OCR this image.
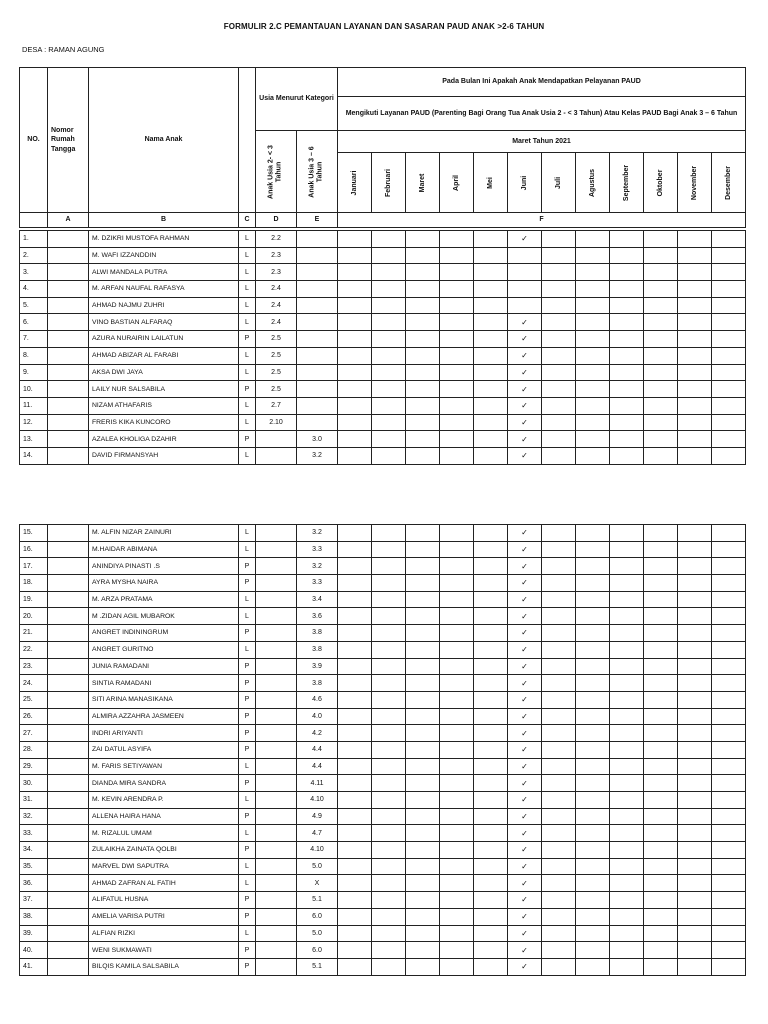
FORMULIR 2.C PEMANTAUAN LAYANAN DAN SASARAN PAUD ANAK >2-6 TAHUN
DESA : RAMAN AGUNG
NO.	Nomor Rumah Tangga	Nama Anak		Usia Menurut Kategori		Pada Bulan Ini Apakah Anak Mendapatkan Pelayanan PAUD											
						Mengikuti Layanan PAUD (Parenting Bagi Orang Tua Anak Usia 2 - < 3 Tahun) Atau Kelas PAUD Bagi Anak 3 – 6 Tahun											

				Anak Usia 2- < 3 Tahun	Anak Usia 3 – 6 Tahun	Maret Tahun 2021											

						Januari	Februari	Maret	April	Mei	Juni	Juli	Agustus	September	Oktober	November	Desember

	A	B	C	D	E	F											
1.		M. DZIKRI MUSTOFA RAHMAN	L	2.2							✓						
2.		M. WAFI IZZANDDIN	L	2.3													
3.		ALWI MANDALA PUTRA	L	2.3													
4.		M. ARFAN NAUFAL RAFASYA	L	2.4													
5.		AHMAD NAJMU ZUHRI	L	2.4													
6.		VINO BASTIAN ALFARAQ	L	2.4							✓						
7.		AZURA NURAIRIN LAILATUN	P	2.5							✓						
8.		AHMAD ABIZAR AL FARABI	L	2.5							✓						
9.		AKSA DWI JAYA	L	2.5							✓						
10.		LAILY NUR SALSABILA	P	2.5							✓						
11.		NIZAM ATHAFARIS	L	2.7							✓						
12.		FRERIS KIKA KUNCORO	L	2.10							✓						
13.		AZALEA KHOLIGA DZAHIR	P		3.0						✓						
14.		DAVID FIRMANSYAH	L		3.2						✓						
15.		M. ALFIN NIZAR ZAINURI	L		3.2						✓						
16.		M.HAIDAR ABIMANA	L		3.3						✓						
17.		ANINDIYA PINASTI .S	P		3.2						✓						
18.		AYRA MYSHA NAIRA	P		3.3						✓						
19.		M. ARZA PRATAMA	L		3.4						✓						
20.		M .ZIDAN AGIL MUBAROK	L		3.6						✓						
21.		ANGRET INDININGRUM	P		3.8						✓						
22.		ANGRET GURITNO	L		3.8						✓						
23.		JUNIA RAMADANI	P		3.9						✓						
24.		SINTIA RAMADANI	P		3.8						✓						
25.		SITI ARINA MANASIKANA	P		4.6						✓						
26.		ALMIRA AZZAHRA JASMEEN	P		4.0						✓						
27.		INDRI ARIYANTI	P		4.2						✓						
28.		ZAI DATUL ASYIFA	P		4.4						✓						
29.		M. FARIS SETIYAWAN	L		4.4						✓						
30.		DIANDA MIRA SANDRA	P		4.11						✓						
31.		M. KEVIN ARENDRA P.	L		4.10						✓						
32.		ALLENA HAIRA HANA	P		4.9						✓						
33.		M. RIZALUL UMAM	L		4.7						✓						
34.		ZULAIKHA ZAINATA QOLBI	P		4.10						✓						
35.		MARVEL DWI SAPUTRA	L		5.0						✓						
36.		AHMAD ZAFRAN AL FATIH	L		X						✓						
37.		ALIFATUL HUSNA	P		5.1						✓						
38.		AMELIA VARISA PUTRI	P		6.0						✓						
39.		ALFIAN RIZKI	L		5.0						✓						
40.		WENI SUKMAWATI	P		6.0						✓						
41.		BILQIS KAMILA SALSABILA	P		5.1						✓						
